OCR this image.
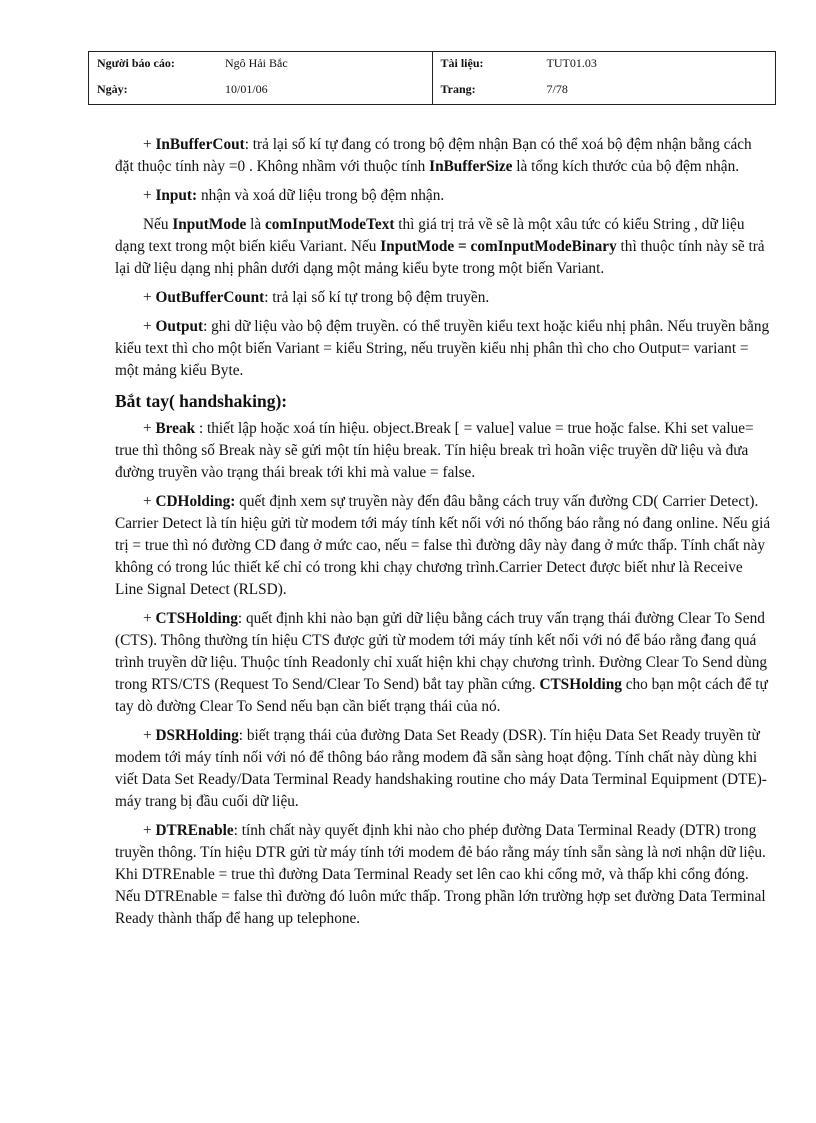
Người báo cáo:	Ngô Hải Bắc
Ngày:	10/01/06
Tài liệu:	TUT01.03
Trang:	7/78

+ InBufferCout: trả lại số kí tự đang có trong bộ đệm nhận Bạn có thể xoá bộ đệm nhận bằng cách đặt thuộc tính này =0 . Không nhầm với thuộc tính InBufferSize là tổng kích thước của bộ đệm nhận.

+ Input: nhận và xoá dữ liệu trong bộ đệm nhận.

Nếu InputMode là comInputModeText thì giá trị trả về sẽ là một xâu tức có kiểu String , dữ liệu dạng text trong một biến kiểu Variant. Nếu InputMode = comInputModeBinary thì thuộc tính này sẽ trả lại dữ liệu dạng nhị phân dưới dạng một mảng kiểu byte trong một biến Variant.

+ OutBufferCount: trả lại số kí tự trong bộ đệm truyền.

+ Output: ghi dữ liệu vào bộ đệm truyền. có thể truyền kiểu text hoặc kiểu nhị phân. Nếu truyền bằng kiểu text thì cho một biến Variant = kiểu String, nếu truyền kiểu nhị phân thì cho cho Output= variant = một mảng kiểu Byte.

Bắt tay( handshaking):

+ Break : thiết lập hoặc xoá tín hiệu. object.Break [ = value] value = true hoặc false. Khi set value= true thì thông số Break này sẽ gửi một tín hiệu break. Tín hiệu break trì hoãn việc truyền dữ liệu và đưa đường truyền vào trạng thái break tới khi mà value = false.

+ CDHolding: quết định xem sự truyền này đến đâu bằng cách truy vấn đường CD( Carrier Detect). Carrier Detect là tín hiệu gửi từ modem tới máy tính kết nối với nó thống báo rằng nó đang online. Nếu giá trị = true thì nó đường CD đang ở mức cao, nếu = false thì đường dây này đang ở mức thấp. Tính chất này không có trong lúc thiết kế chỉ có trong khi chạy chương trình.Carrier Detect được biết như là Receive Line Signal Detect (RLSD).

+ CTSHolding: quết định khi nào bạn gửi dữ liệu bằng cách truy vấn trạng thái đường Clear To Send (CTS). Thông thường tín hiệu CTS được gửi từ modem tới máy tính kết nối với nó để báo rằng đang quá trình truyền dữ liệu. Thuộc tính Readonly chỉ xuất hiện khi chạy chương trình. Đường Clear To Send dùng trong RTS/CTS (Request To Send/Clear To Send) bắt tay phần cứng. CTSHolding cho bạn một cách để tự tay dò đường Clear To Send nếu bạn cần biết trạng thái của nó.

+ DSRHolding: biết trạng thái của đường Data Set Ready (DSR). Tín hiệu Data Set Ready truyền từ modem tới máy tính nối với nó để thông báo rằng modem đã sẵn sàng hoạt động. Tính chất này dùng khi viết Data Set Ready/Data Terminal Ready handshaking routine cho máy Data Terminal Equipment (DTE)- máy trang bị đầu cuối dữ liệu.

+ DTREnable: tính chất này quyết định khi nào cho phép đường Data Terminal Ready (DTR) trong truyền thông. Tín hiệu DTR gửi từ máy tính tới modem đẻ báo rằng máy tính sẵn sàng là nơi nhận dữ liệu. Khi DTREnable = true thì đường Data Terminal Ready set lên cao khi cổng mở, và thấp khi cổng đóng. Nếu DTREnable = false thì đường đó luôn mức thấp. Trong phần lớn trường hợp set đường Data Terminal Ready thành thấp để hang up telephone.
